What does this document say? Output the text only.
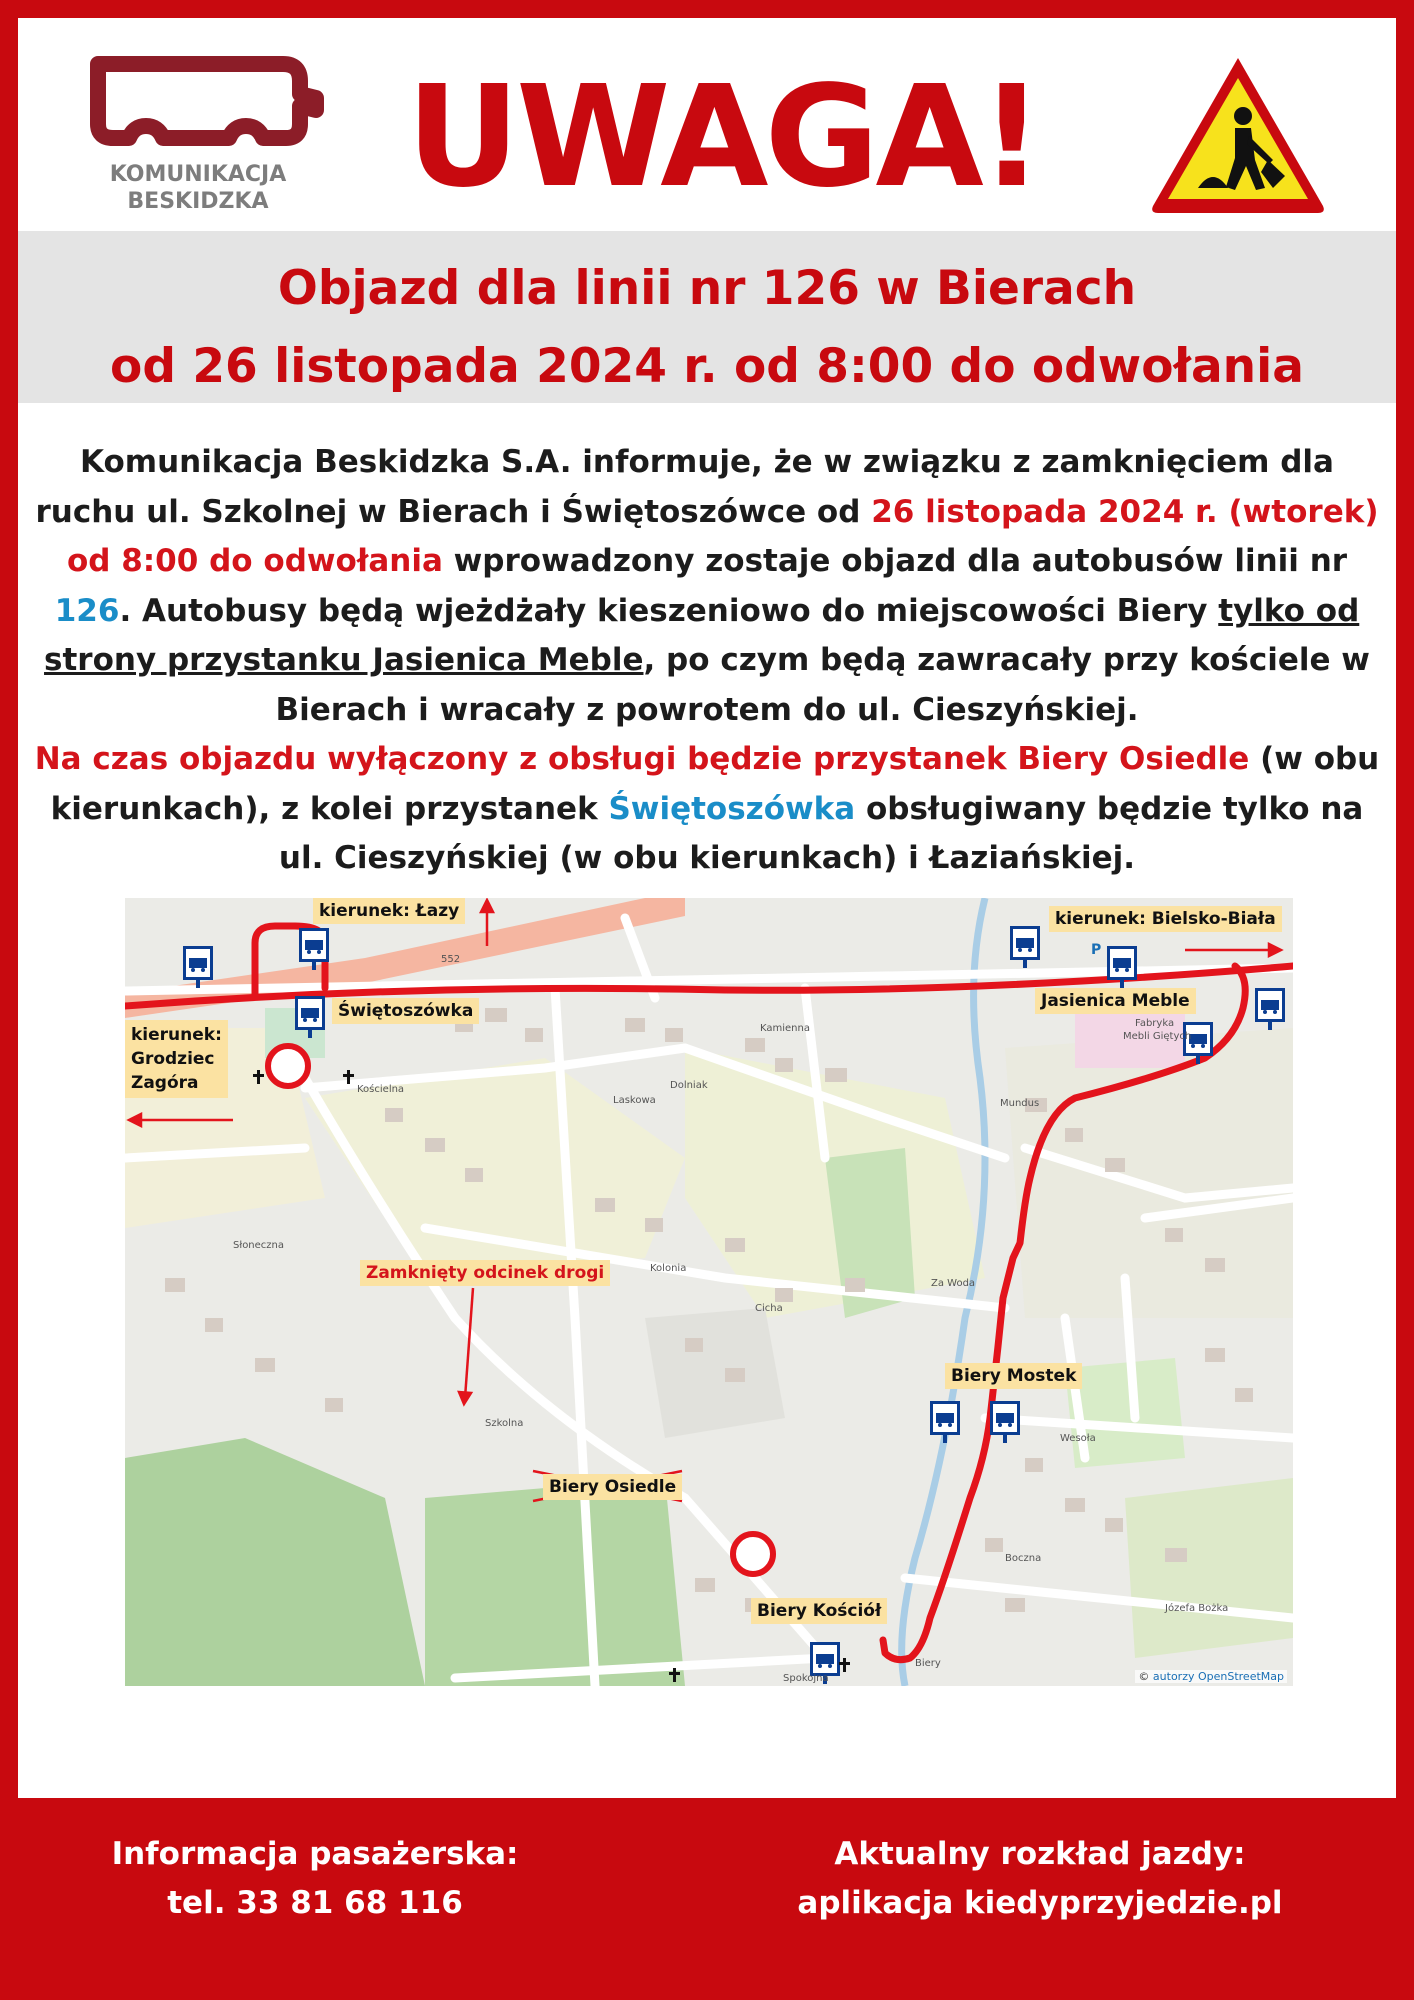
KOMUNIKACJA
BESKIDZKA UWAGA!
Objazd dla linii nr 126 w Bierach
od 26 listopada 2024 r. od 8:00 do odwołania
Komunikacja Beskidzka S.A. informuje, że w związku z zamknięciem dla ruchu ul. Szkolnej w Bierach i Świętoszówce od 26 listopada 2024 r. (wtorek) od 8:00 do odwołania wprowadzony zostaje objazd dla autobusów linii nr 126. Autobusy będą wjeżdżały kieszeniowo do miejscowości Biery tylko od strony przystanku Jasienica Meble, po czym będą zawracały przy kościele w Bierach i wracały z powrotem do ul. Cieszyńskiej.
Na czas objazdu wyłączony z obsługi będzie przystanek Biery Osiedle (w obu kierunkach), z kolei przystanek Świętoszówka obsługiwany będzie tylko na ul. Cieszyńskiej (w obu kierunkach) i Łaziańskiej.
Laskowa
Cicha
Słoneczna
Szkolna
Kamienna
Boczna
Wesoła
Spokojna
Kościelna	Dolniak
Kolonia
Za Woda
Mundus
552
Fabryka
Mebli Giętych
P
Biery
Józefa Bożka
kierunek: Łazy	kierunek: Bielsko-Biała
Świętoszówka	Jasienica Meble
kierunek:
Grodziec
Zagóra
Zamknięty odcinek drogi
Biery Mostek
Biery Osiedle
Biery Kościół
© autorzy OpenStreetMap
Informacja pasażerska:
tel. 33 81 68 116
Aktualny rozkład jazdy:
aplikacja kiedyprzyjedzie.pl
